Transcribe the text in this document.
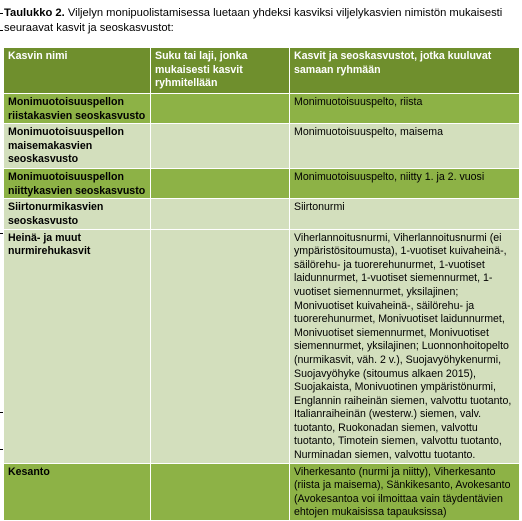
Taulukko 2. Viljelyn monipuolistamisessa luetaan yhdeksi kasviksi viljelykasvien nimistön mukaisesti seuraavat kasvit ja seoskasvustot:
Kasvin nimi	Suku tai laji, jonka mukaisesti kasvit ryhmitellään	Kasvit ja seoskasvustot, jotka kuuluvat samaan ryhmään
Monimuotoisuuspellon riistakasvien seoskasvusto		Monimuotoisuuspelto, riista
Monimuotoisuuspellon maisemakasvien seoskasvusto		Monimuotoisuuspelto, maisema
Monimuotoisuuspellon niittykasvien seoskasvusto		Monimuotoisuuspelto, niitty 1. ja 2. vuosi
Siirtonurmikasvien seoskasvusto		Siirtonurmi
Heinä- ja muut nurmirehukasvit		Viherlannoitusnurmi, Viherlannoitusnurmi (ei ympäristösitoumusta), 1-vuotiset kuivaheinä-, säilörehu- ja tuorerehunurmet, 1-vuotiset laidunnurmet, 1-vuotiset siemennurmet, 1-vuotiset siemennurmet, yksilajinen; Monivuotiset kuivaheinä-, säilörehu- ja tuorerehunurmet, Monivuotiset laidunnurmet, Monivuotiset siemennurmet, Monivuotiset siemennurmet, yksilajinen; Luonnonhoitopelto (nurmikasvit, väh. 2 v.), Suojavyöhykenurmi, Suojavyöhyke (sitoumus alkaen 2015), Suojakaista, Monivuotinen ympäristönurmi, Englannin raiheinän siemen, valvottu tuotanto, Italianraiheinän (westerw.) siemen, valv. tuotanto, Ruokonadan siemen, valvottu tuotanto, Timotein siemen, valvottu tuotanto, Nurminadan siemen, valvottu tuotanto.
Kesanto		Viherkesanto (nurmi ja niitty), Viherkesanto (riista ja maisema), Sänkikesanto, Avokesanto (Avokesantoa voi ilmoittaa vain täydentävien ehtojen mukaisissa tapauksissa)
